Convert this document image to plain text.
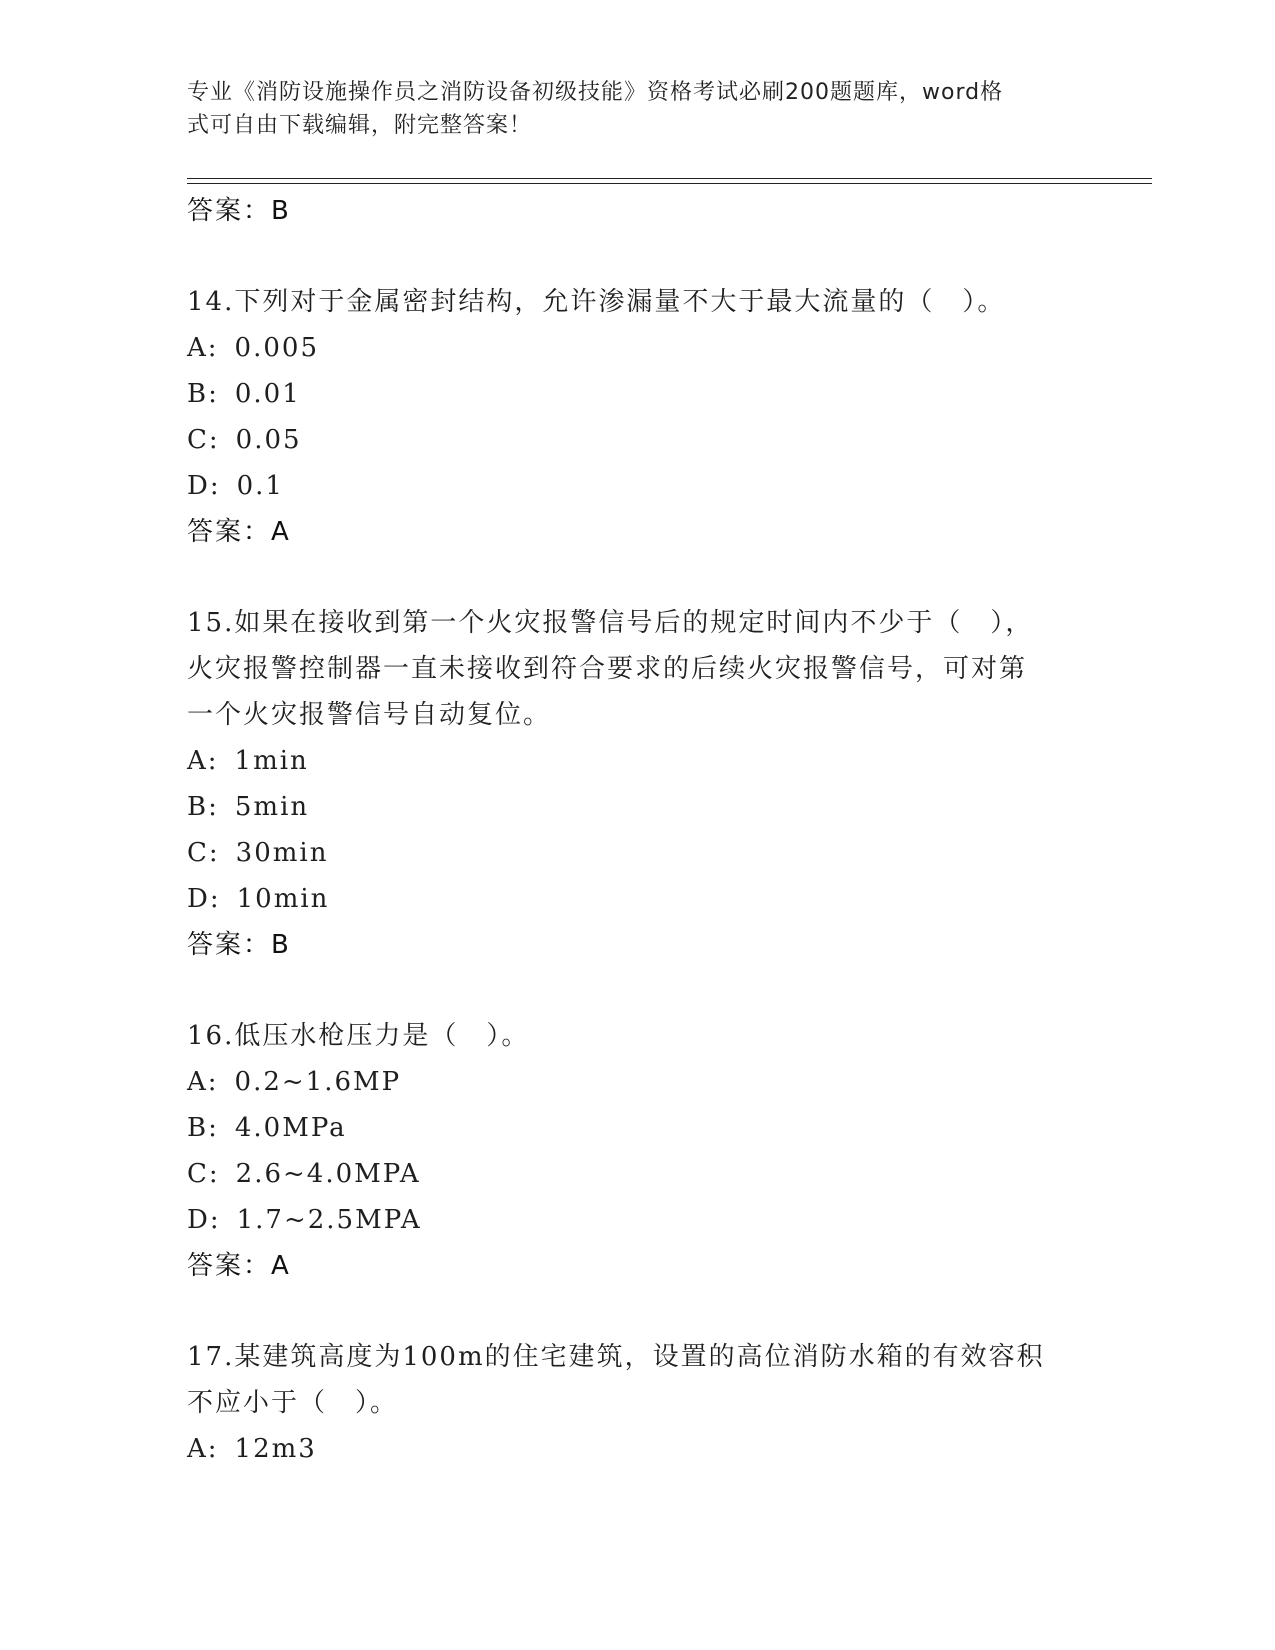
专业《消防设施操作员之消防设备初级技能》资格考试必刷200题题库，word格
式可自由下载编辑，附完整答案！
答案：B
14.下列对于金属密封结构，允许渗漏量不大于最大流量的（　）。
A: 0.005
B: 0.01
C: 0.05
D: 0.1
答案：A
15.如果在接收到第一个火灾报警信号后的规定时间内不少于（　），
火灾报警控制器一直未接收到符合要求的后续火灾报警信号，可对第
一个火灾报警信号自动复位。
A: 1min
B: 5min
C: 30min
D: 10min
答案：B
16.低压水枪压力是（　）。
A: 0.2~1.6MP
B: 4.0MPa
C: 2.6~4.0MPA
D: 1.7~2.5MPA
答案：A
17.某建筑高度为100m的住宅建筑，设置的高位消防水箱的有效容积
不应小于（　）。
A: 12m3
